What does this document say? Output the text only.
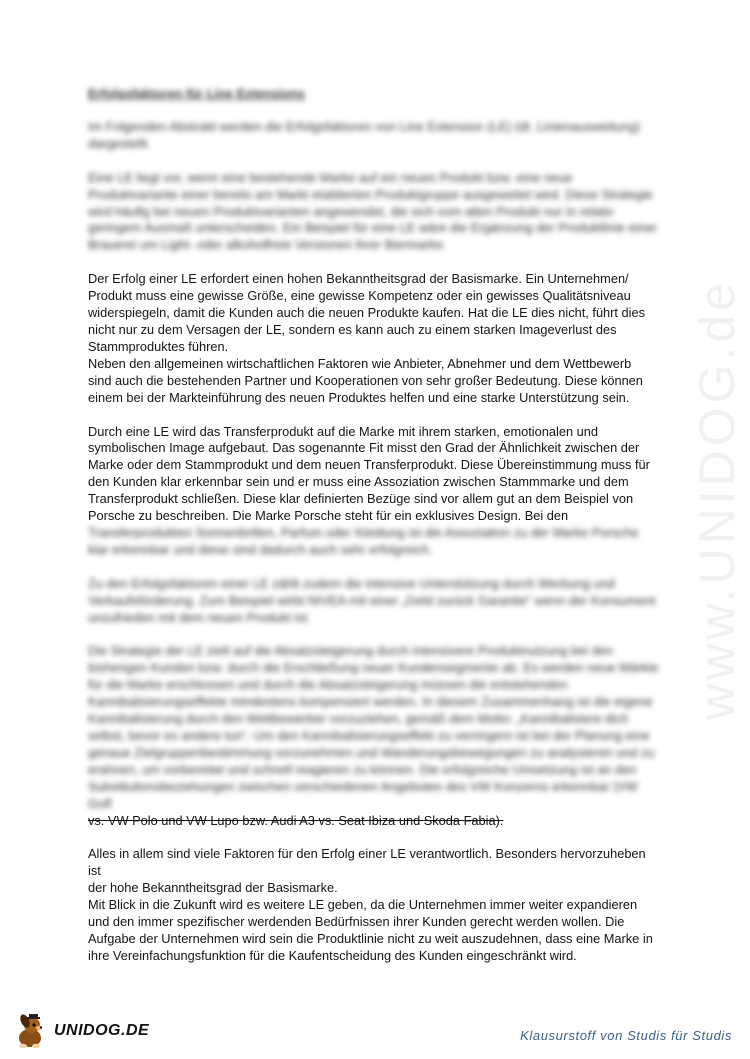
www.UNIDOG.de
Erfolgsfaktoren für Line Extensions

Im Folgenden Abstrakt werden die Erfolgsfaktoren von Line Extension (LE) (dt. Linienausweitung) dargestellt.

Eine LE liegt vor, wenn eine bestehende Marke auf ein neues Produkt bzw. eine neue Produktvariante einer bereits am Markt etablierten Produktgruppe ausgeweitet wird. Diese Strategie wird häufig bei neuen Produktvarianten angewendet, die sich vom alten Produkt nur in relativ geringem Ausmaß unterscheiden. Ein Beispiel für eine LE wäre die Ergänzung der Produktlinie einer Brauerei um Light- oder alkoholfreie Versionen ihrer Biermarke.

Der Erfolg einer LE erfordert einen hohen Bekanntheitsgrad der Basismarke. Ein Unternehmen/
Produkt muss eine gewisse Größe, eine gewisse Kompetenz oder ein gewisses Qualitätsniveau
widerspiegeln, damit die Kunden auch die neuen Produkte kaufen. Hat die LE dies nicht, führt dies
nicht nur zu dem Versagen der LE, sondern es kann auch zu einem starken Imageverlust des
Stammproduktes führen.
Neben den allgemeinen wirtschaftlichen Faktoren wie Anbieter, Abnehmer und dem Wettbewerb
sind auch die bestehenden Partner und Kooperationen von sehr großer Bedeutung. Diese können
einem bei der Markteinführung des neuen Produktes helfen und eine starke Unterstützung sein.

Durch eine LE wird das Transferprodukt auf die Marke mit ihrem starken, emotionalen und
symbolischen Image aufgebaut. Das sogenannte Fit misst den Grad der Ähnlichkeit zwischen der
Marke oder dem Stammprodukt und dem neuen Transferprodukt. Diese Übereinstimmung muss für
den Kunden klar erkennbar sein und er muss eine Assoziation zwischen Stammmarke und dem
Transferprodukt schließen. Diese klar definierten Bezüge sind vor allem gut an dem Beispiel von
Porsche zu beschreiben. Die Marke Porsche steht für ein exklusives Design. Bei den
Transferprodukten Sonnenbrillen, Parfum oder Kleidung ist die Assoziation zu der Marke Porsche klar erkennbar und diese sind dadurch auch sehr erfolgreich.

Zu den Erfolgsfaktoren einer LE zählt zudem die intensive Unterstützung durch Werbung und Verkaufsförderung. Zum Beispiel wirbt NIVEA mit einer „Geld zurück Garantie“ wenn der Konsument unzufrieden mit dem neuen Produkt ist.

Die Strategie der LE zielt auf die Absatzsteigerung durch intensivere Produktnutzung bei den bisherigen Kunden bzw. durch die Erschließung neuer Kundensegmente ab. Es werden neue Märkte für die Marke erschlossen und durch die Absatzsteigerung müssen die entstehenden Kannibalisierungseffekte mindestens kompensiert werden. In diesem Zusammenhang ist die eigene Kannibalisierung durch den Wettbewerber vorzuziehen, gemäß dem Motto: „Kannibalisiere dich selbst, bevor es andere tun“. Um den Kannibalisierungseffekt zu verringern ist bei der Planung eine genaue Zielgruppenbestimmung vorzunehmen und Wanderungsbewegungen zu analysieren und zu erahnen, um vorbereitet und schnell reagieren zu können. Die erfolgreiche Umsetzung ist an den Substitutionsbeziehungen zwischen verschiedenen Angeboten des VW Konzerns erkennbar (VW Golf
vs. VW Polo und VW Lupo bzw. Audi A3 vs. Seat Ibiza und Skoda Fabia).

Alles in allem sind viele Faktoren für den Erfolg einer LE verantwortlich. Besonders hervorzuheben ist
der hohe Bekanntheitsgrad der Basismarke.
Mit Blick in die Zukunft wird es weitere LE geben, da die Unternehmen immer weiter expandieren
und den immer spezifischer werdenden Bedürfnissen ihrer Kunden gerecht werden wollen. Die
Aufgabe der Unternehmen wird sein die Produktlinie nicht zu weit auszudehnen, dass eine Marke in
ihre Vereinfachungsfunktion für die Kaufentscheidung des Kunden eingeschränkt wird.

UNIDOG.DE	Klausurstoff von Studis für Studis
